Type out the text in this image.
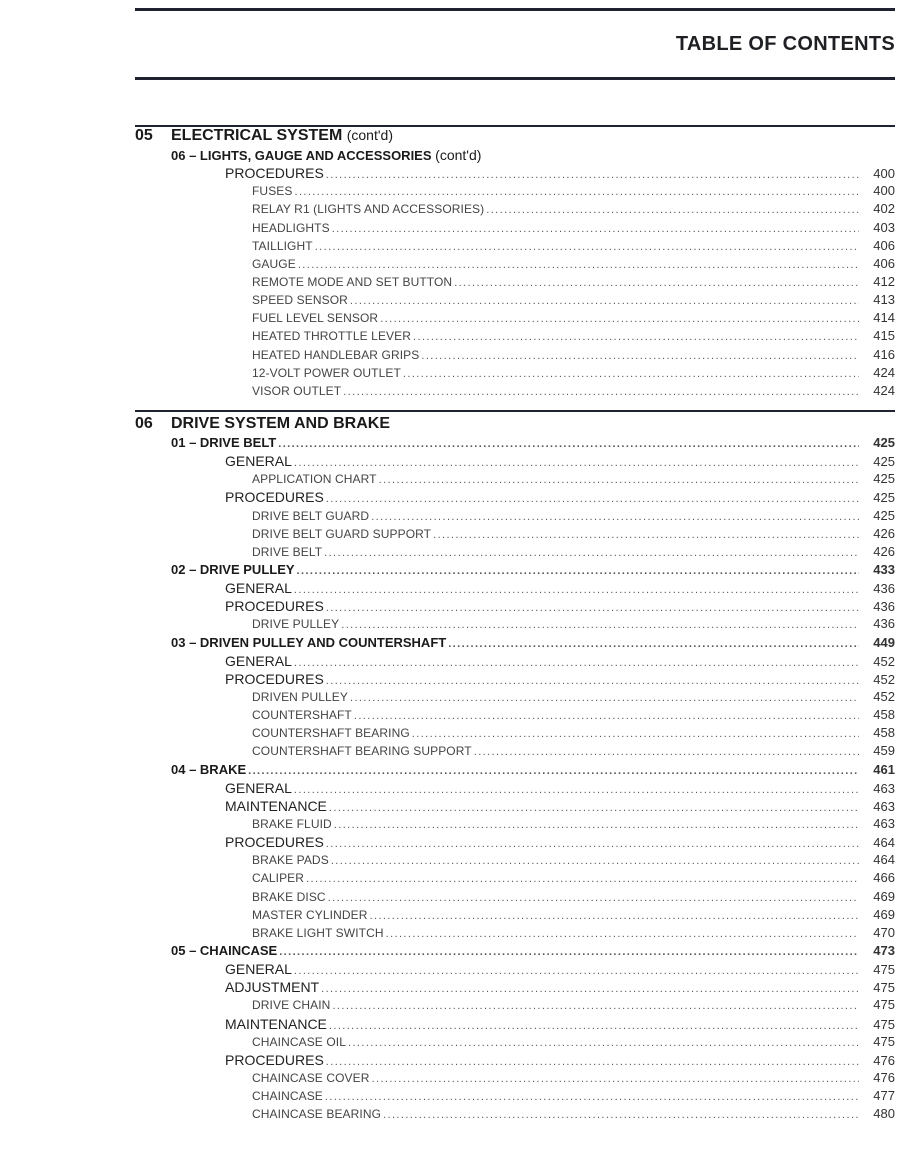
TABLE OF CONTENTS
05 ELECTRICAL SYSTEM (cont'd)
06 – LIGHTS, GAUGE AND ACCESSORIES
(cont'd)
PROCEDURES .....	400
FUSES .....	400
RELAY R1 (LIGHTS AND ACCESSORIES) .....	402
HEADLIGHTS .....	403
TAILLIGHT .....	406
GAUGE .....	406
REMOTE MODE AND SET BUTTON .....	412
SPEED SENSOR .....	413
FUEL LEVEL SENSOR .....	414
HEATED THROTTLE LEVER .....	415
HEATED HANDLEBAR GRIPS .....	416
12-VOLT POWER OUTLET .....	424
VISOR OUTLET .....	424
06 DRIVE SYSTEM AND BRAKE
01 – DRIVE BELT .....	425
GENERAL .....	425
APPLICATION CHART .....	425
PROCEDURES .....	425
DRIVE BELT GUARD .....	425
DRIVE BELT GUARD SUPPORT .....	426
DRIVE BELT .....	426
02 – DRIVE PULLEY .....	433
GENERAL .....	436
PROCEDURES .....	436
DRIVE PULLEY .....	436
03 – DRIVEN PULLEY AND COUNTERSHAFT .....	449
GENERAL .....	452
PROCEDURES .....	452
DRIVEN PULLEY .....	452
COUNTERSHAFT .....	458
COUNTERSHAFT BEARING .....	458
COUNTERSHAFT BEARING SUPPORT .....	459
04 – BRAKE .....	461
GENERAL .....	463
MAINTENANCE .....	463
BRAKE FLUID .....	463
PROCEDURES .....	464
BRAKE PADS .....	464
CALIPER .....	466
BRAKE DISC .....	469
MASTER CYLINDER .....	469
BRAKE LIGHT SWITCH .....	470
05 – CHAINCASE .....	473
GENERAL .....	475
ADJUSTMENT .....	475
DRIVE CHAIN .....	475
MAINTENANCE .....	475
CHAINCASE OIL .....	475
PROCEDURES .....	476
CHAINCASE COVER .....	476
CHAINCASE .....	477
CHAINCASE BEARING .....	480
